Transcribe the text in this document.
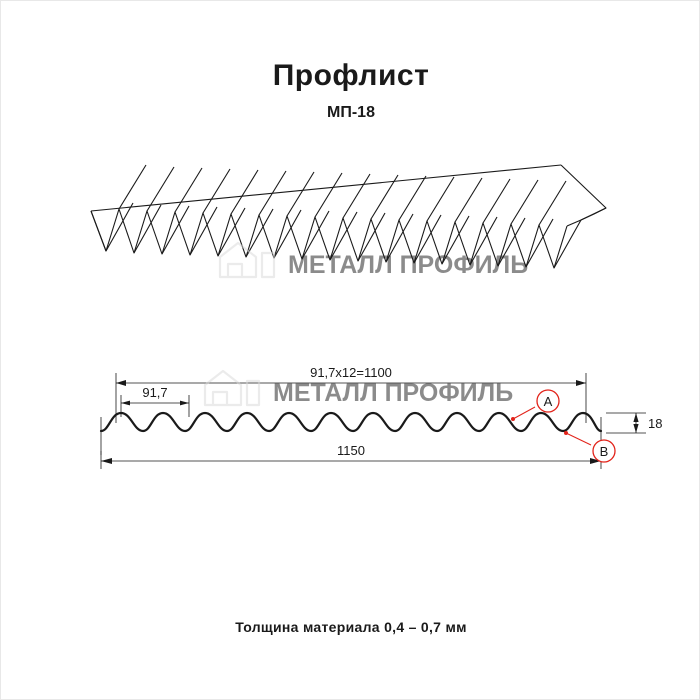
Профлист
МП-18
МЕТАЛЛ ПРОФИЛЬ
A
B
91,7х12=1100
91,7
1150
18
МЕТАЛЛ ПРОФИЛЬ
Толщина материала 0,4 – 0,7 мм
